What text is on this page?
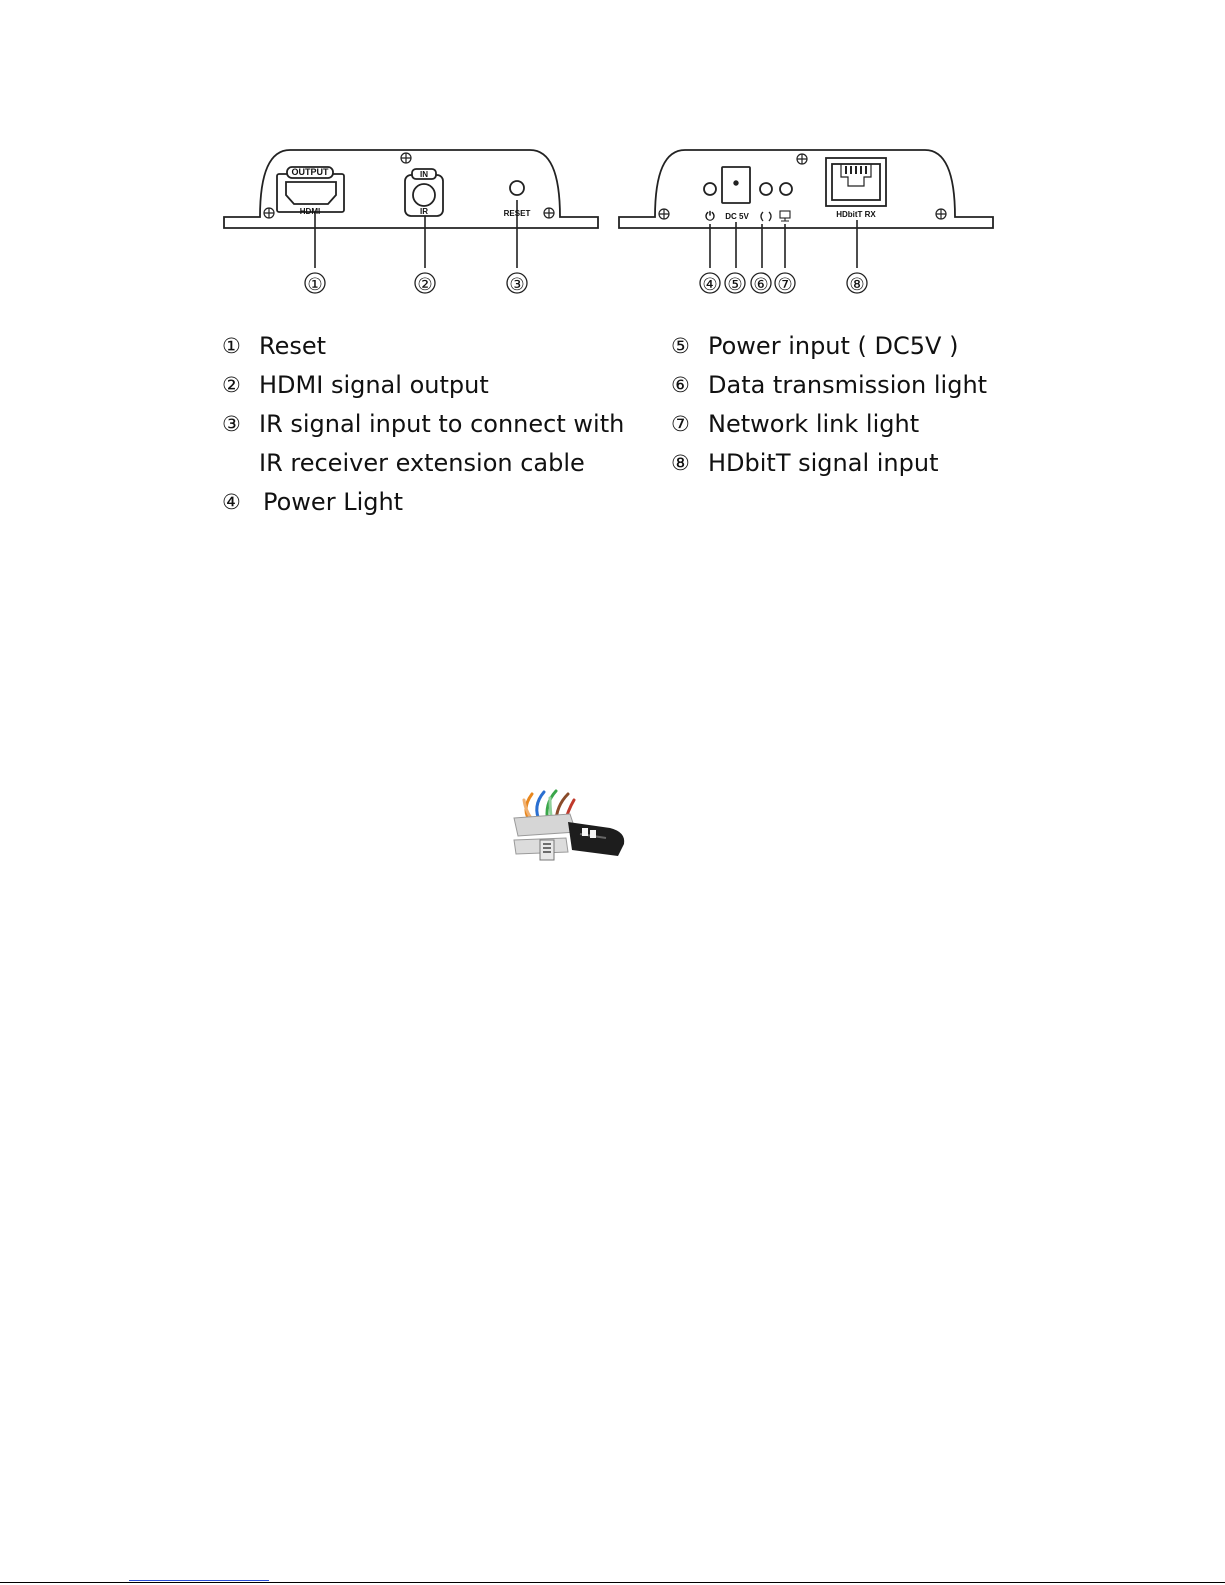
OUTPUT
HDMI
IN
IR	RESET	⏻ DC 5V	HDbitT RX
①	②	③	④ ⑤ ⑥ ⑦	⑧
① Reset
② HDMI signal output
③ IR signal input to connect with
IR receiver extension cable
④ Power Light
⑤ Power input ( DC5V )
⑥ Data transmission light
⑦ Network link light
⑧ HDbitT signal input
